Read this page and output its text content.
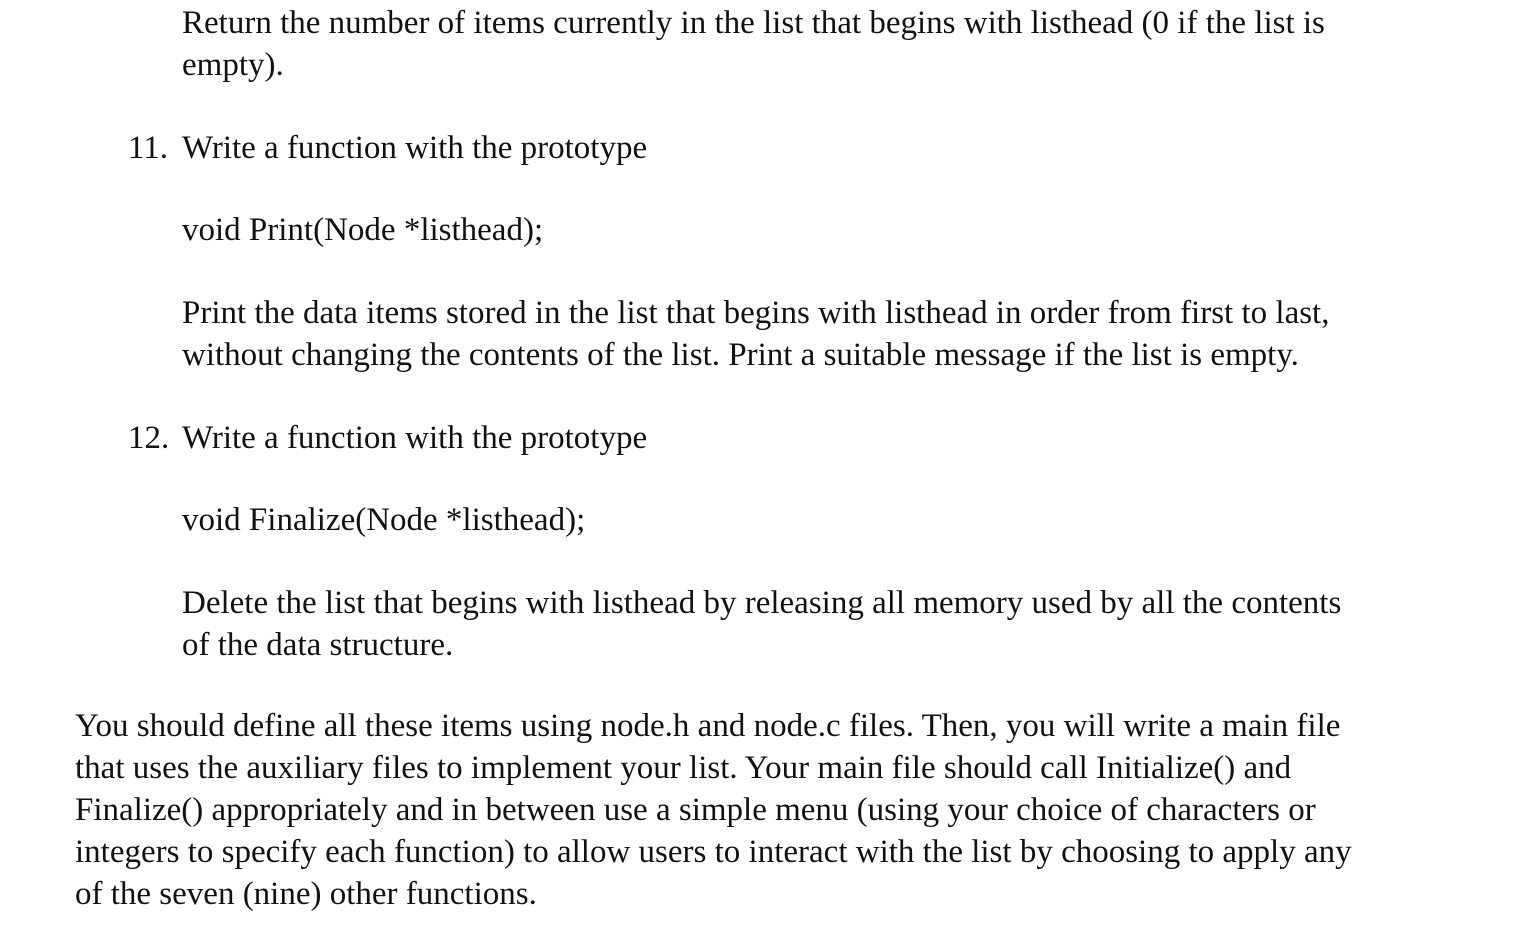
Return the number of items currently in the list that begins with listhead (0 if the list is
empty).

11. Write a function with the prototype

void Print(Node *listhead);

Print the data items stored in the list that begins with listhead in order from first to last,
without changing the contents of the list. Print a suitable message if the list is empty.

12. Write a function with the prototype

void Finalize(Node *listhead);

Delete the list that begins with listhead by releasing all memory used by all the contents
of the data structure.

You should define all these items using node.h and node.c files. Then, you will write a main file
that uses the auxiliary files to implement your list. Your main file should call Initialize() and
Finalize() appropriately and in between use a simple menu (using your choice of characters or
integers to specify each function) to allow users to interact with the list by choosing to apply any
of the seven (nine) other functions.
